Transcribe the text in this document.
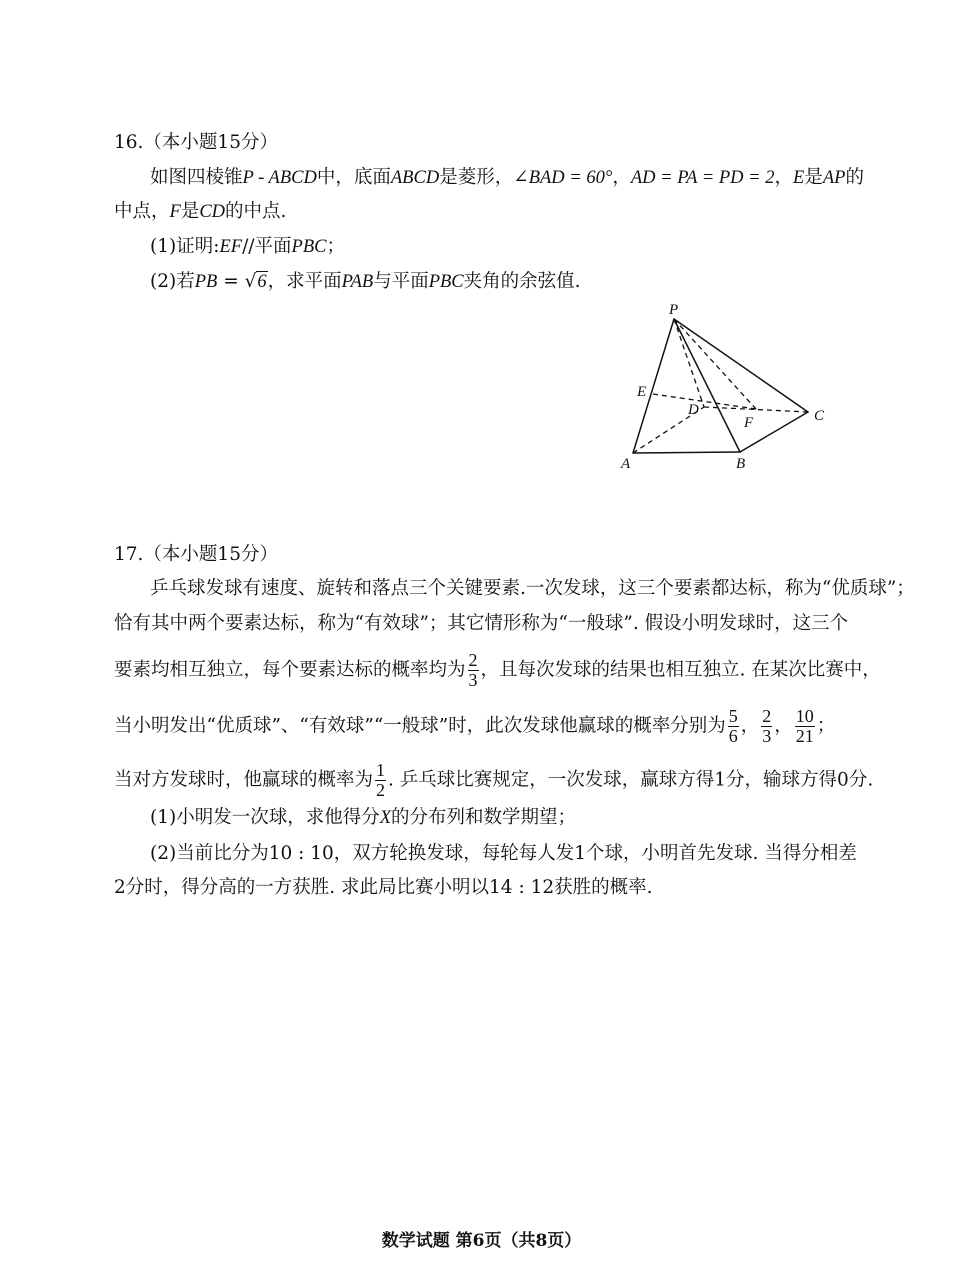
16.（本小题15分）
如图四棱锥P - ABCD中，底面ABCD是菱形，∠BAD = 60°，AD = PA = PD = 2，E是AP的
中点，F是CD的中点.
(1)证明:EF//平面PBC；
(2)若PB = √6，求平面PAB与平面PBC夹角的余弦值.
P
E
D
F	C
A	B
17.（本小题15分）
乒乓球发球有速度、旋转和落点三个关键要素.一次发球，这三个要素都达标，称为“优质球”；
恰有其中两个要素达标，称为“有效球”；其它情形称为“一般球”. 假设小明发球时，这三个
要素均相互独立，每个要素达标的概率均为 $\frac{2}{3}$ ，且每次发球的结果也相互独立. 在某次比赛中，
当小明发出“优质球”、“有效球”“一般球”时，此次发球他赢球的概率分别为 $\frac{5}{6}$ ， $\frac{2}{3}$ ， $\frac{10}{21}$ ；
当对方发球时，他赢球的概率为 $\frac{1}{2}$ . 乒乓球比赛规定，一次发球，赢球方得1分，输球方得0分.
(1)小明发一次球，求他得分X的分布列和数学期望；
(2)当前比分为10 : 10，双方轮换发球，每轮每人发1个球，小明首先发球. 当得分相差
2分时，得分高的一方获胜. 求此局比赛小明以14 : 12获胜的概率.
数学试题 第6页（共8页）
